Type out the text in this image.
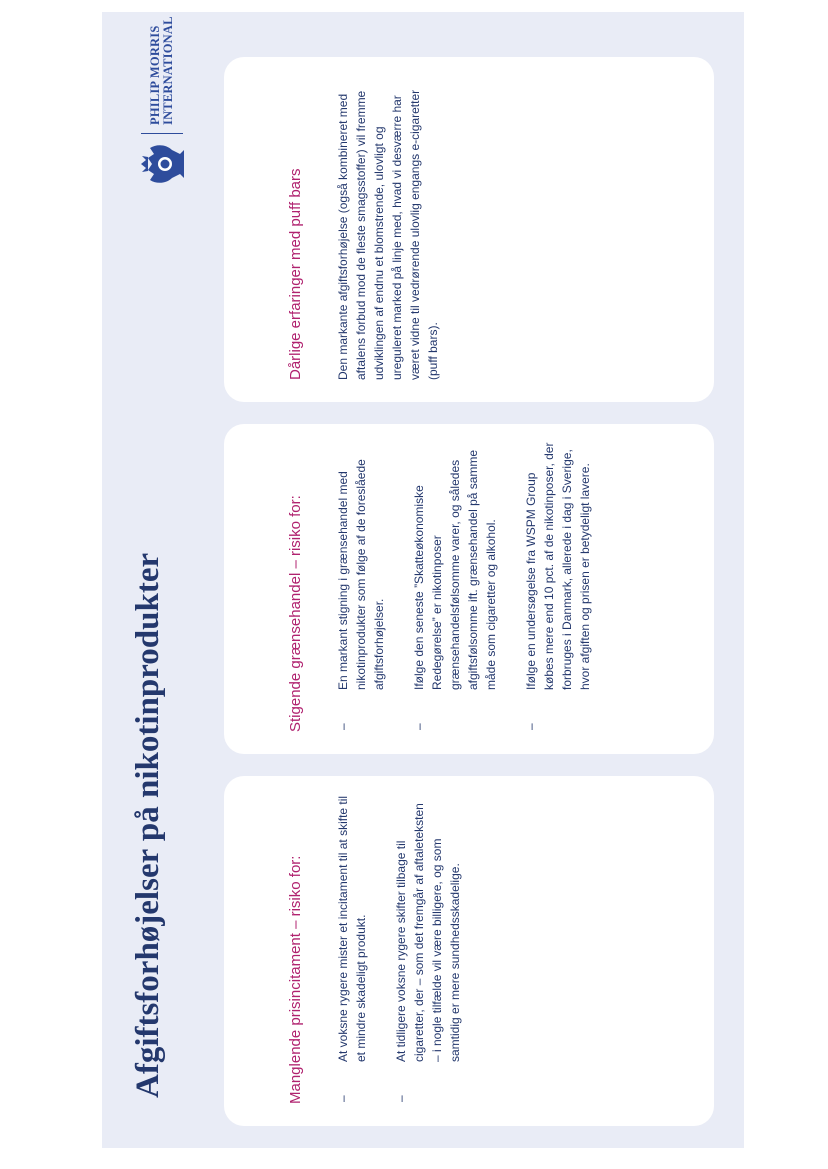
Afgiftsforhøjelser på nikotinprodukter
PHILIP MORRIS INTERNATIONAL
Manglende prisincitament – risiko for:	–
At voksne rygere mister et incitament til at skifte til et mindre skadeligt produkt.
–
At tidligere voksne rygere skifter tilbage til cigaretter, der – som det fremgår af aftaleteksten – i nogle tilfælde vil være billigere, og som samtidig er mere sundhedsskadelige.
Stigende grænsehandel – risiko for:	–
En markant stigning i grænsehandel med nikotinprodukter som følge af de foreslåede afgiftsforhøjelser.
–
Ifølge den seneste ”Skatteøkonomiske Redegørelse” er nikotinposer grænsehandelsfølsomme varer, og således afgiftsfølsomme ift. grænsehandel på samme måde som cigaretter og alkohol.
–
Ifølge en undersøgelse fra WSPM Group købes mere end 10 pct. af de nikotinposer, der forbruges i Danmark, allerede i dag i Sverige, hvor afgiften og prisen er betydeligt lavere.
Dårlige erfaringer med puff bars	Den markante afgiftsforhøjelse (også kombineret med aftalens forbud mod de fleste smagsstoffer) vil fremme udviklingen af endnu et blomstrende, ulovligt og ureguleret marked på linje med, hvad vi desværre har været vidne til vedrørende ulovlig engangs e-cigaretter (puff bars).
